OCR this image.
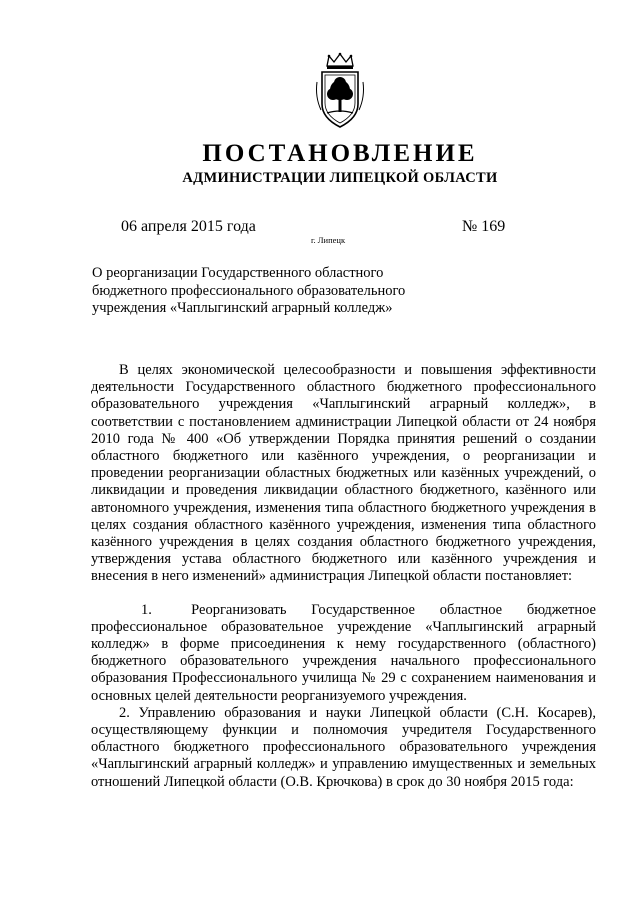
ПОСТАНОВЛЕНИЕ
АДМИНИСТРАЦИИ ЛИПЕЦКОЙ ОБЛАСТИ
06 апреля 2015 года
г. Липецк
№ 169
О реорганизации Государственного областного
бюджетного профессионального образовательного
учреждения «Чаплыгинский аграрный колледж»

В целях экономической целесообразности и повышения эффективности деятельности Государственного областного бюджетного профессионального образовательного учреждения «Чаплыгинский аграрный колледж», в соответствии с постановлением администрации Липецкой области от 24 ноября 2010 года № 400 «Об утверждении Порядка принятия решений о создании областного бюджетного или казённого учреждения, о реорганизации и проведении реорганизации областных бюджетных или казённых учреждений, о ликвидации и проведения ликвидации областного бюджетного, казённого или автономного учреждения, изменения типа областного бюджетного учреждения в целях создания областного казённого учреждения, изменения типа областного казённого учреждения в целях создания областного бюджетного учреждения, утверждения устава областного бюджетного или казённого учреждения и внесения в него изменений» администрация Липецкой области постановляет:

1.  Реорганизовать Государственное областное бюджетное профессиональное образовательное учреждение «Чаплыгинский аграрный колледж» в форме присоединения к нему государственного (областного) бюджетного образовательного учреждения начального профессионального образования Профессионального училища № 29 с сохранением наименования и основных целей деятельности реорганизуемого учреждения.

2. Управлению образования и науки Липецкой области (С.Н. Косарев), осуществляющему функции и полномочия учредителя Государственного областного бюджетного профессионального образовательного учреждения «Чаплыгинский аграрный колледж» и управлению имущественных и земельных отношений Липецкой области (О.В. Крючкова) в срок до 30 ноября 2015 года:
